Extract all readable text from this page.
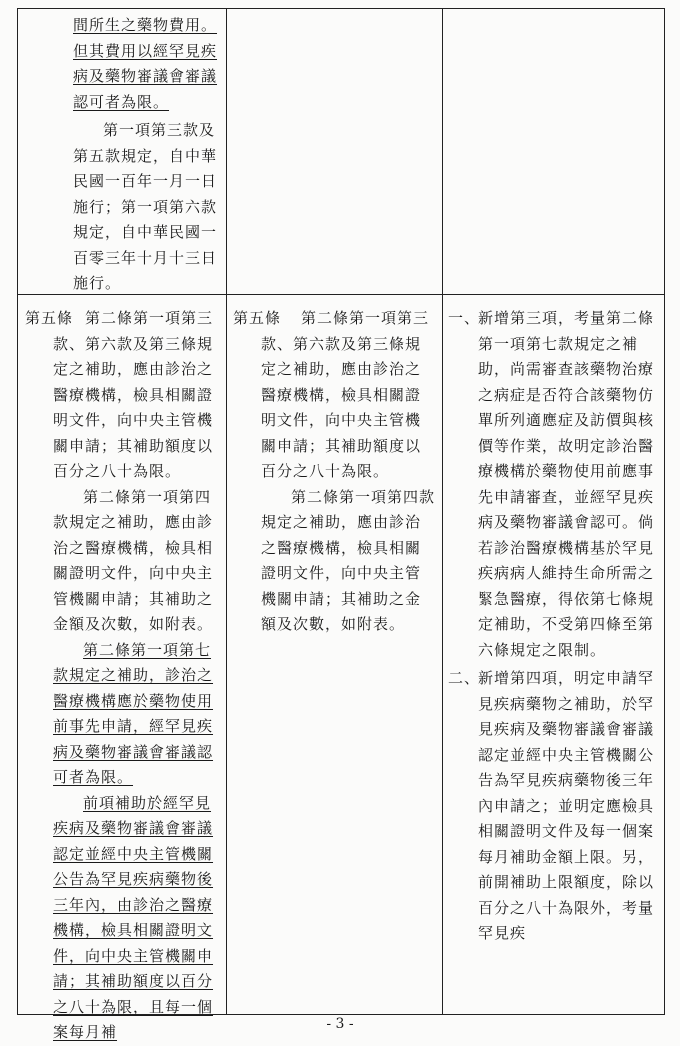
間所生之藥物費用。但其費用以經罕見疾病及藥物審議會審議認可者為限。

第一項第三款及第五款規定，自中華民國一百年一月一日施行；第一項第六款規定，自中華民國一百零三年十月十三日施行。

第五條 第二條第一項第三款、第六款及第三條規定之補助，應由診治之醫療機構，檢具相關證明文件，向中央主管機關申請；其補助額度以百分之八十為限。

第二條第一項第四款規定之補助，應由診治之醫療機構，檢具相關證明文件，向中央主管機關申請；其補助之金額及次數，如附表。

第二條第一項第七款規定之補助，診治之醫療機構應於藥物使用前事先申請，經罕見疾病及藥物審議會審議認可者為限。

前項補助於經罕見疾病及藥物審議會審議認定並經中央主管機關公告為罕見疾病藥物後三年內，由診治之醫療機構，檢具相關證明文件，向中央主管機關申請；其補助額度以百分之八十為限，且每一個案每月補

第五條 第二條第一項第三款、第六款及第三條規定之補助，應由診治之醫療機構，檢具相關證明文件，向中央主管機關申請；其補助額度以百分之八十為限。

第二條第一項第四款規定之補助，應由診治之醫療機構，檢具相關證明文件，向中央主管機關申請；其補助之金額及次數，如附表。

一、
新增第三項，考量第二條第一項第七款規定之補助，尚需審查該藥物治療之病症是否符合該藥物仿單所列適應症及訪價與核價等作業，故明定診治醫療機構於藥物使用前應事先申請審查，並經罕見疾病及藥物審議會認可。倘若診治醫療機構基於罕見疾病病人維持生命所需之緊急醫療，得依第七條規定補助，不受第四條至第六條規定之限制。
二、
新增第四項，明定申請罕見疾病藥物之補助，於罕見疾病及藥物審議會審議認定並經中央主管機關公告為罕見疾病藥物後三年內申請之；並明定應檢具相關證明文件及每一個案每月補助金額上限。另，前開補助上限額度，除以百分之八十為限外，考量罕見疾
- 3 -
